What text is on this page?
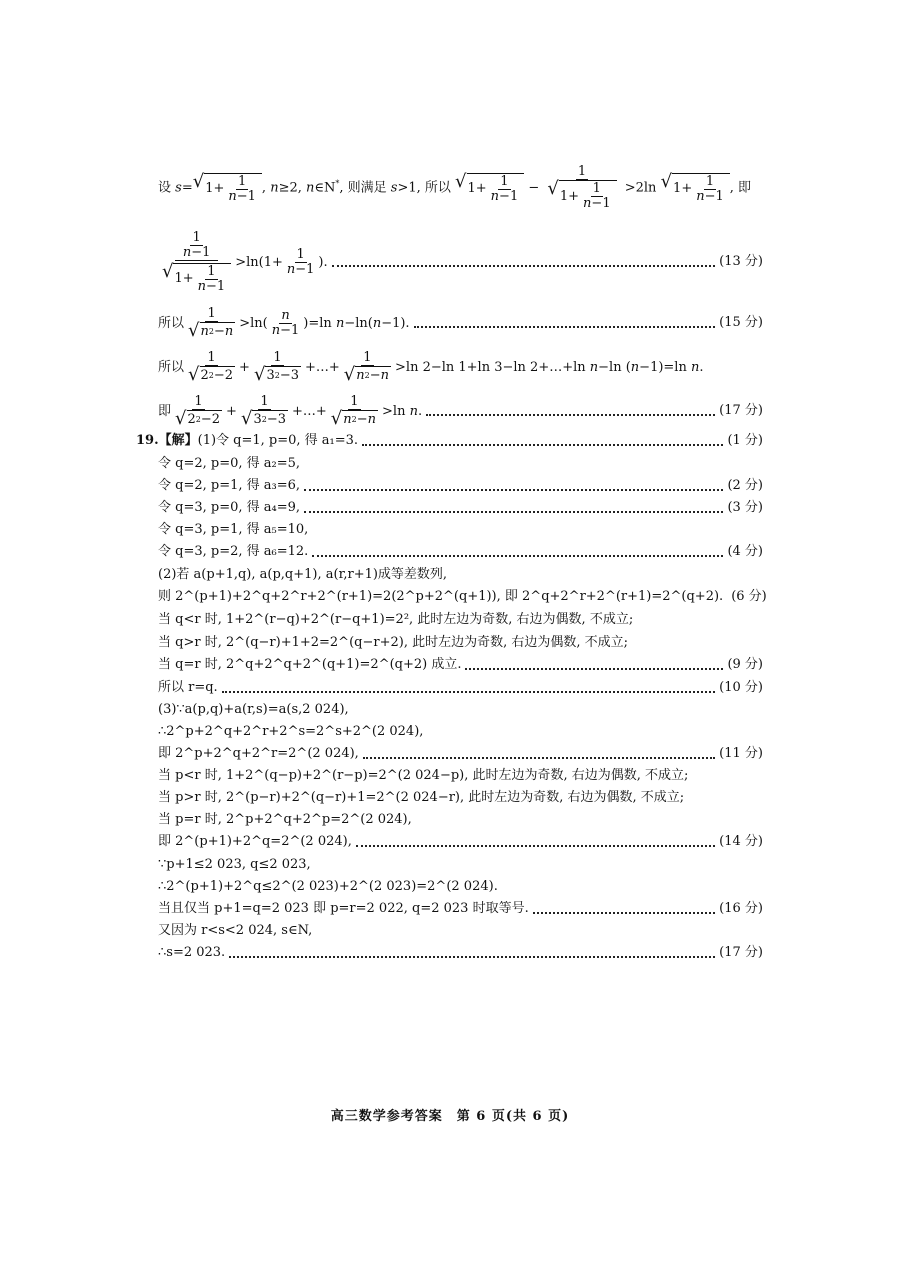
设 s= √ $1+ \frac{1}{n-1}$ , n≥2, n∈N*, 则满足 s>1, 所以 √ $1+ \frac{1}{n-1} - \frac{1}{√ 1+ \frac{1}{n-1}} >2\ln$ √ $1+ \frac{1}{n-1}$ , 即
$\frac{\frac{1}{n-1}}{√ 1+ \frac{1}{n-1}} >\ln(1+ \frac{1}{n-1}$ ).	(13 分)
所以 $\frac{1}{√ n 2 - n} >\ln( \frac{n}{n-1} )=\ln$ n−ln(n−1).	(15 分)
所以 $\frac{1}{√ 2 2 -2} + \frac{1}{√ 3 2 -3}$ +…+ $\frac{1}{√ n 2 - n} >\ln$ 2−ln 1+ln 3−ln 2+…+ln n−ln (n−1)=ln n.
即 $\frac{1}{√ 2 2 -2} + \frac{1}{√ 3 2 -3}$ +…+ $\frac{1}{√ n 2 - n} >\ln$ n.	(17 分)
19.【解】 (1)令 q=1, p=0, 得 a₁=3.	(1 分)
令 q=2, p=0, 得 a₂=5,
令 q=2, p=1, 得 a₃=6,	(2 分)
令 q=3, p=0, 得 a₄=9,	(3 分)
令 q=3, p=1, 得 a₅=10,
令 q=3, p=2, 得 a₆=12.	(4 分)
(2)若 a(p+1,q), a(p,q+1), a(r,r+1)成等差数列,
则 2^(p+1)+2^q+2^r+2^(r+1)=2(2^p+2^(q+1)), 即 2^q+2^r+2^(r+1)=2^(q+2). (6 分)
当 q<r 时, 1+2^(r−q)+2^(r−q+1)=2², 此时左边为奇数, 右边为偶数, 不成立;
当 q>r 时, 2^(q−r)+1+2=2^(q−r+2), 此时左边为奇数, 右边为偶数, 不成立;
当 q=r 时, 2^q+2^q+2^(q+1)=2^(q+2) 成立.	(9 分)
所以 r=q.	(10 分)
(3)∵a(p,q)+a(r,s)=a(s,2 024),
∴2^p+2^q+2^r+2^s=2^s+2^(2 024),
即 2^p+2^q+2^r=2^(2 024),	(11 分)
当 p<r 时, 1+2^(q−p)+2^(r−p)=2^(2 024−p), 此时左边为奇数, 右边为偶数, 不成立;
当 p>r 时, 2^(p−r)+2^(q−r)+1=2^(2 024−r), 此时左边为奇数, 右边为偶数, 不成立;
当 p=r 时, 2^p+2^q+2^p=2^(2 024),
即 2^(p+1)+2^q=2^(2 024),	(14 分)
∵p+1≤2 023, q≤2 023,
∴2^(p+1)+2^q≤2^(2 023)+2^(2 023)=2^(2 024).
当且仅当 p+1=q=2 023 即 p=r=2 022, q=2 023 时取等号.	(16 分)
又因为 r<s<2 024, s∈N,
∴s=2 023.	(17 分)
高三数学参考答案　第 6 页(共 6 页)
